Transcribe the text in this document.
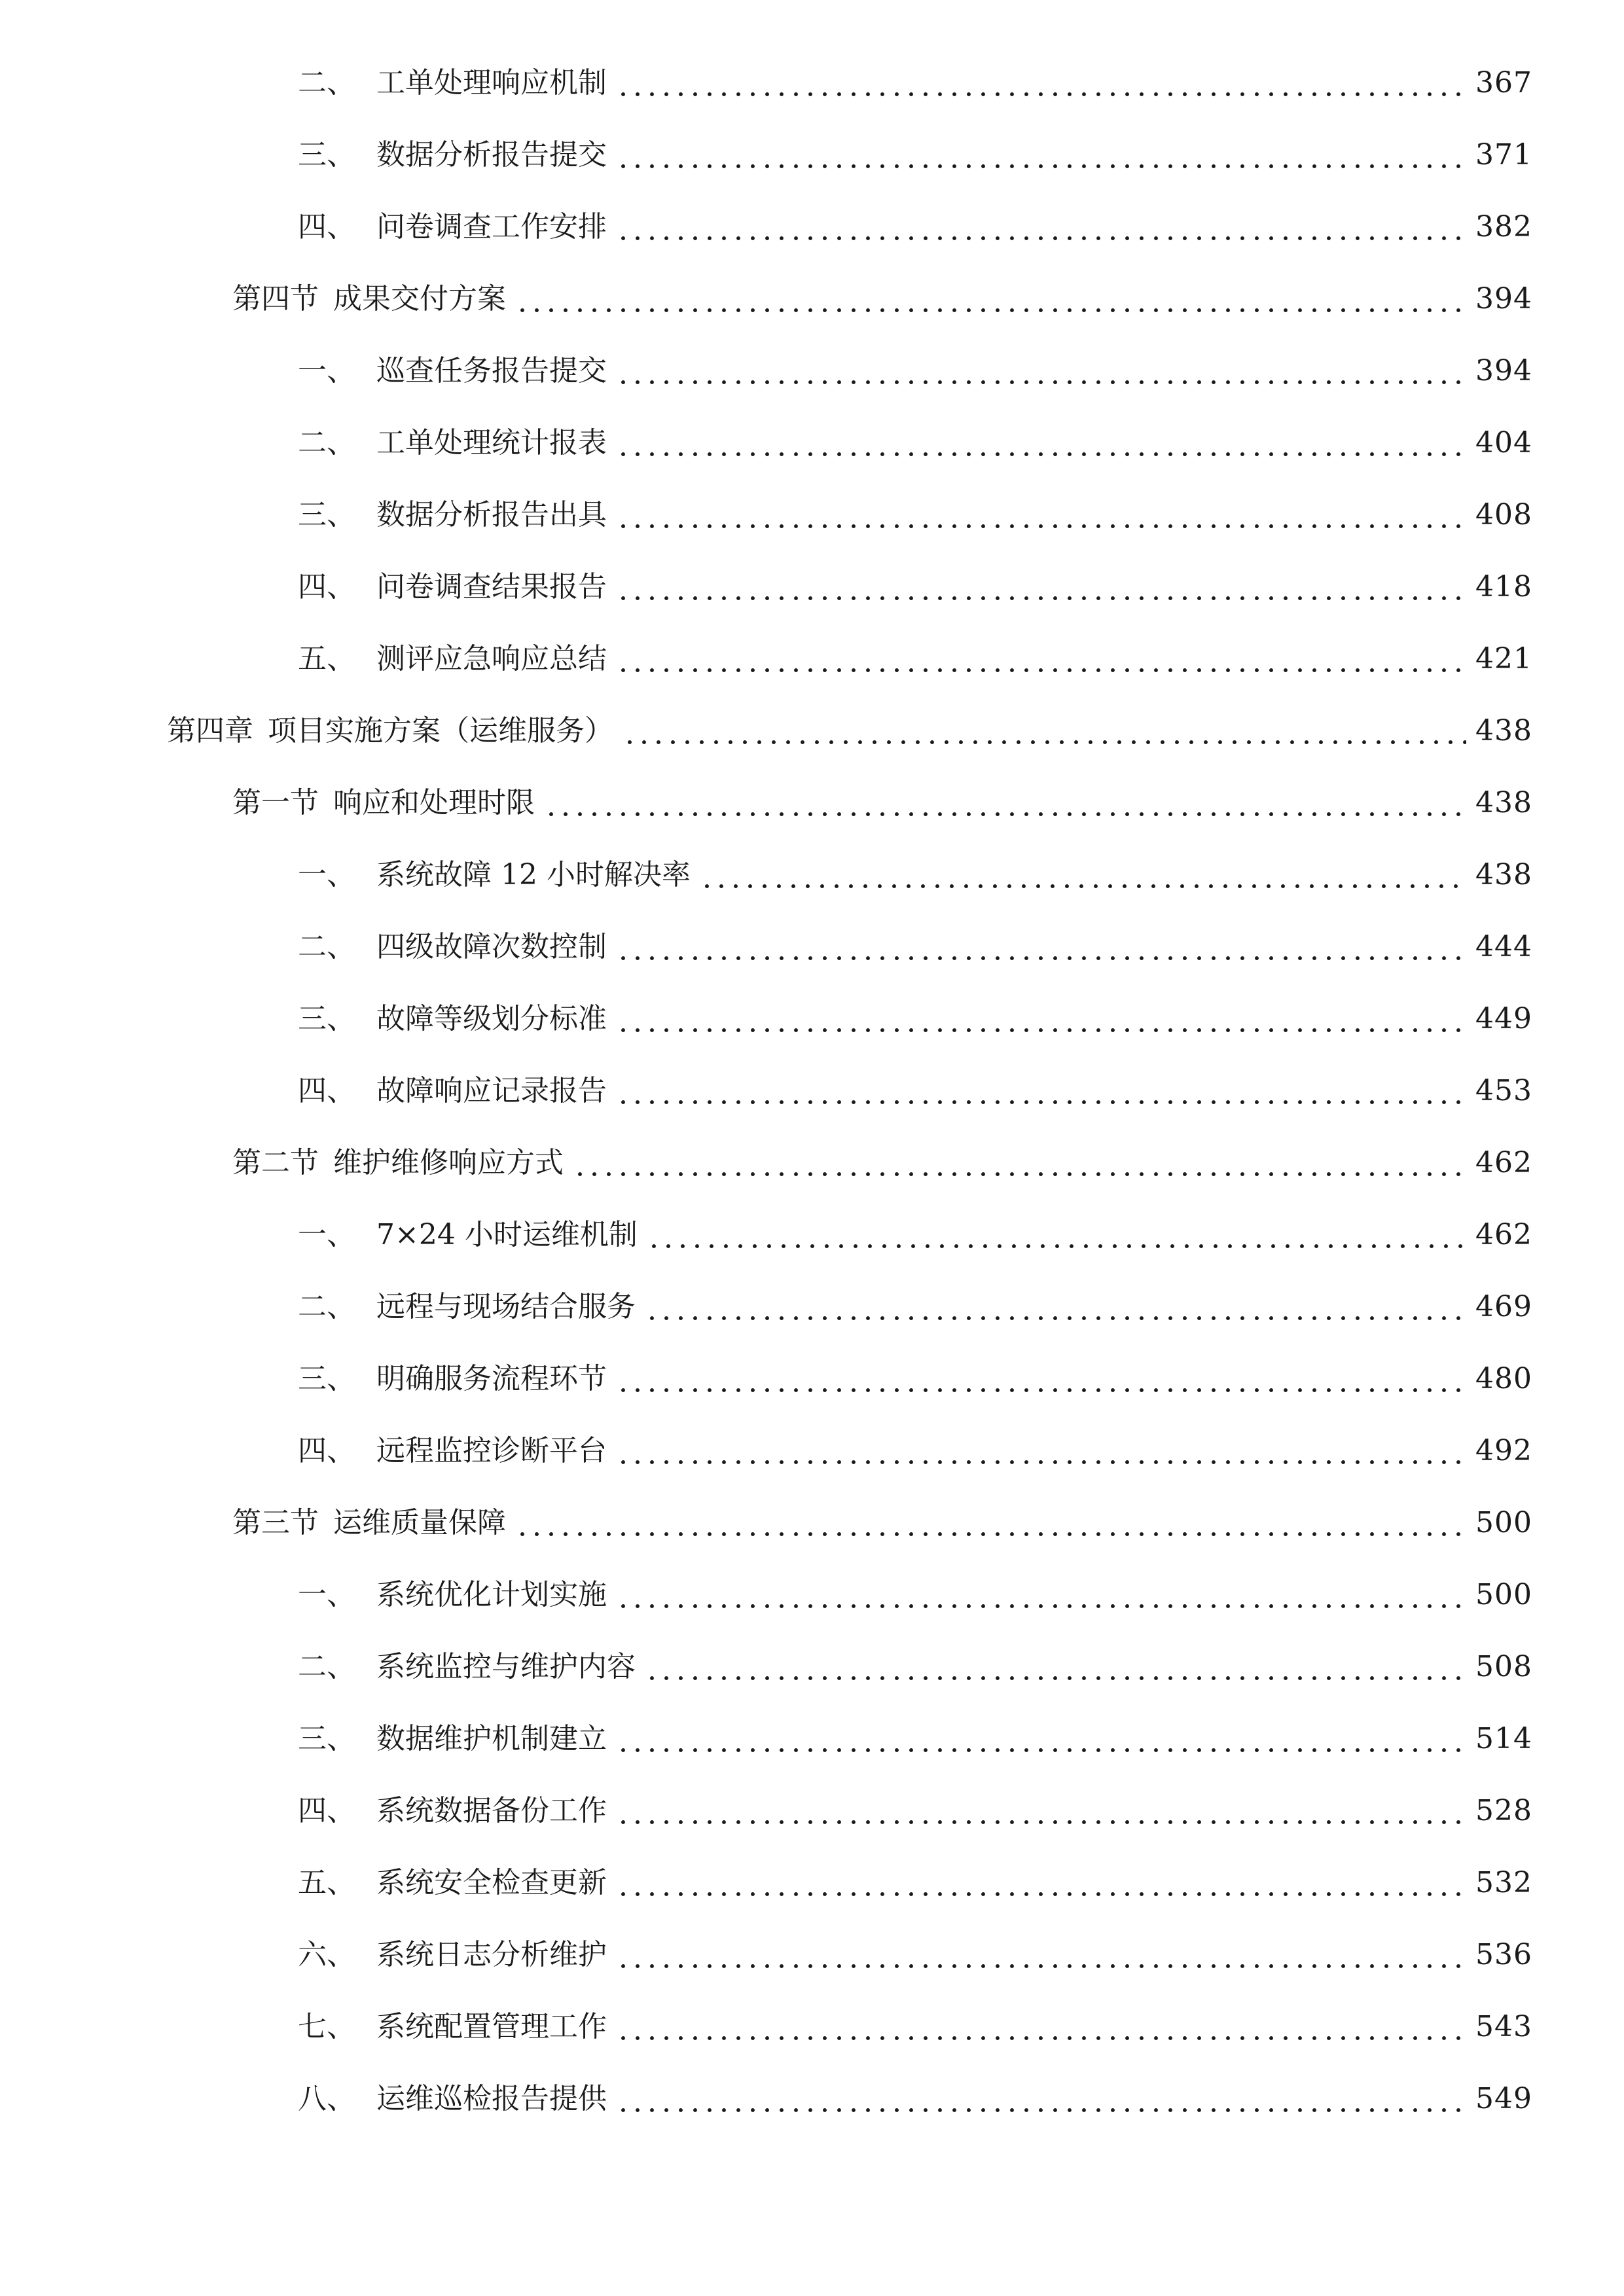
二、 工单处理响应机制	367
三、 数据分析报告提交	371
四、 问卷调查工作安排	382
第四节 成果交付方案	394
一、 巡查任务报告提交	394
二、 工单处理统计报表	404
三、 数据分析报告出具	408
四、 问卷调查结果报告	418
五、 测评应急响应总结	421
第四章 项目实施方案（运维服务）	438
第一节 响应和处理时限	438
一、 系统故障 12 小时解决率	438
二、 四级故障次数控制	444
三、 故障等级划分标准	449
四、 故障响应记录报告	453
第二节 维护维修响应方式	462
一、 7×24 小时运维机制	462
二、 远程与现场结合服务	469
三、 明确服务流程环节	480
四、 远程监控诊断平台	492
第三节 运维质量保障	500
一、 系统优化计划实施	500
二、 系统监控与维护内容	508
三、 数据维护机制建立	514
四、 系统数据备份工作	528
五、 系统安全检查更新	532
六、 系统日志分析维护	536
七、 系统配置管理工作	543
八、 运维巡检报告提供	549
